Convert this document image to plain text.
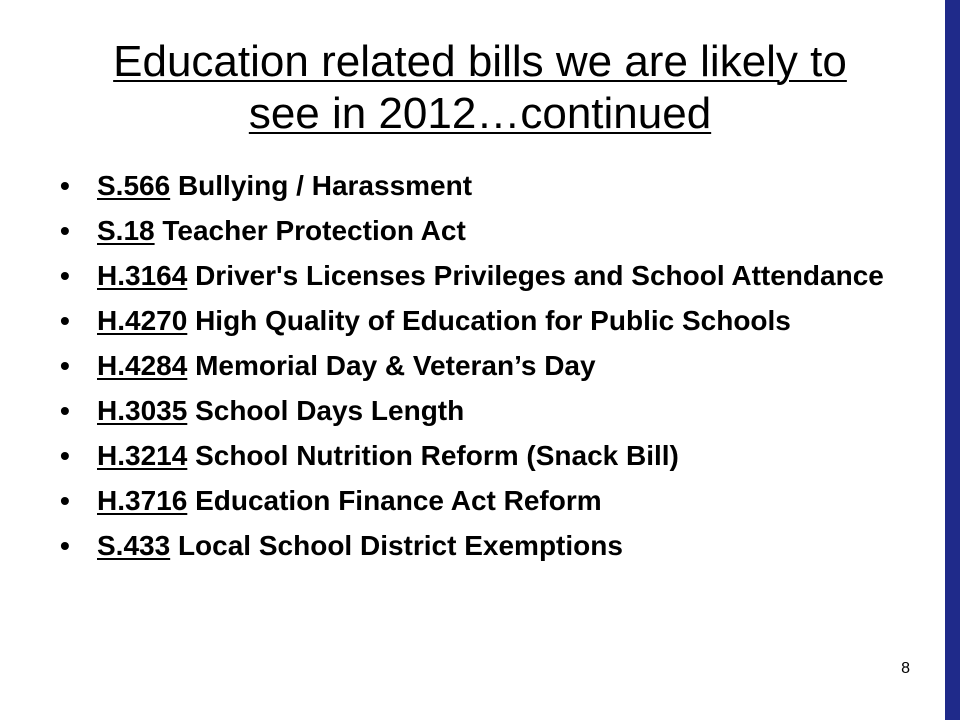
Education related bills we are likely to
see in 2012…continued
• S.566 Bullying / Harassment
• S.18 Teacher Protection Act
• H.3164 Driver's Licenses Privileges and School Attendance
• H.4270 High Quality of Education for Public Schools
• H.4284 Memorial Day & Veteran’s Day
• H.3035 School Days Length
• H.3214 School Nutrition Reform (Snack Bill)
• H.3716 Education Finance Act Reform
• S.433 Local School District Exemptions
8
